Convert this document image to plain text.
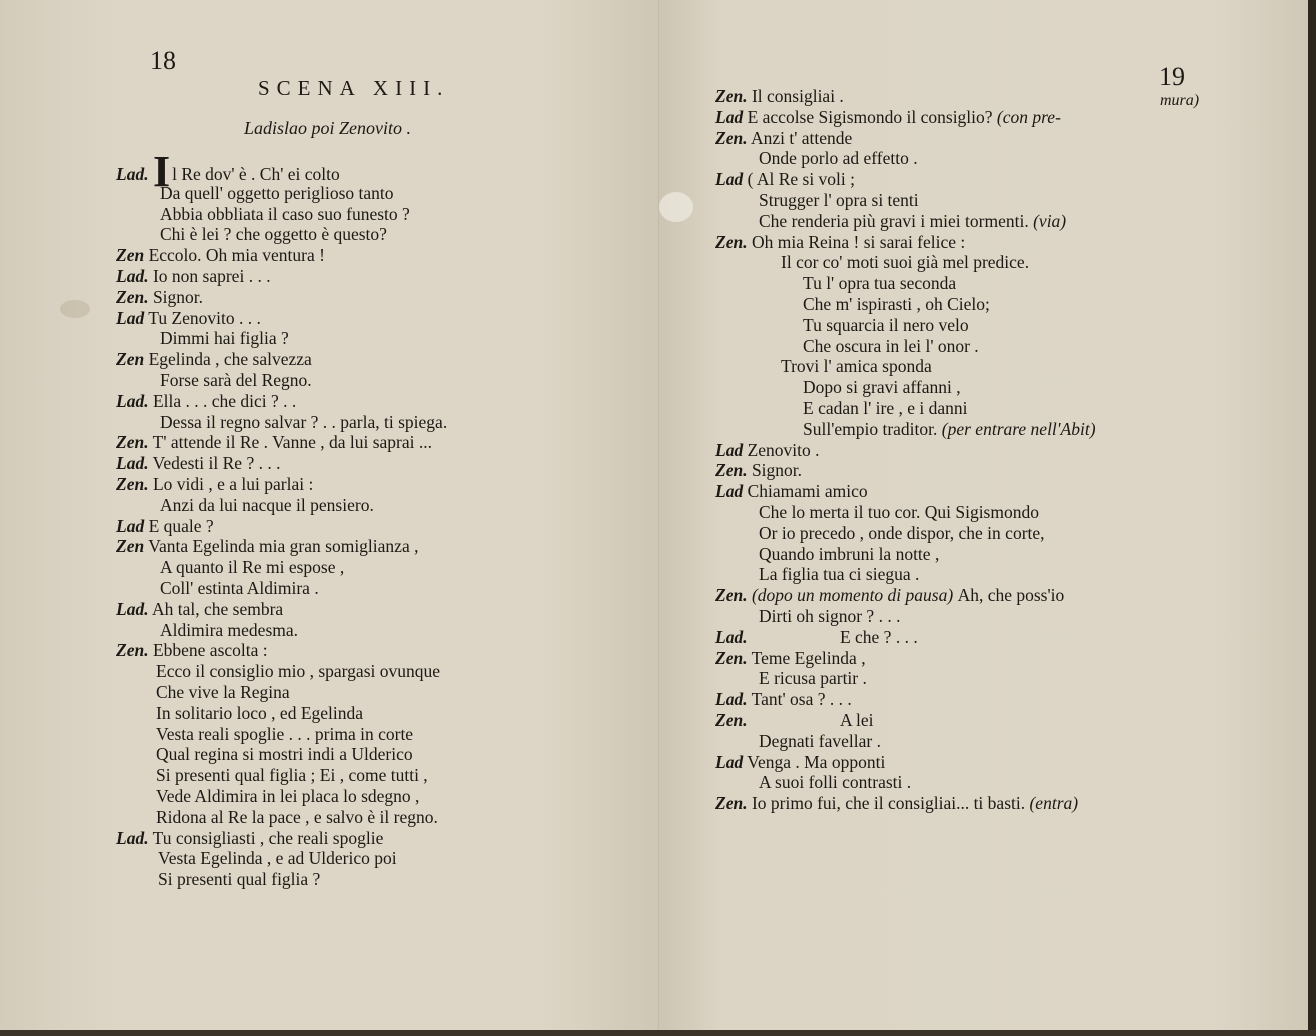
18
SCENA XIII.
Ladislao poi Zenovito .
Lad. I l Re dov' è . Ch' ei colto
Da quell' oggetto periglioso tanto
Abbia obbliata il caso suo funesto ?
Chi è lei ? che oggetto è questo?
Zen Eccolo. Oh mia ventura !
Lad. Io non saprei . . .
Zen. Signor.
Lad Tu Zenovito . . .
Dimmi hai figlia ?
Zen Egelinda , che salvezza
Forse sarà del Regno.
Lad. Ella . . . che dici ? . .
Dessa il regno salvar ? . . parla, ti spiega.
Zen. T' attende il Re . Vanne , da lui saprai ...
Lad. Vedesti il Re ? . . .
Zen. Lo vidi , e a lui parlai :
Anzi da lui nacque il pensiero.
Lad E quale ?
Zen Vanta Egelinda mia gran somiglianza ,
A quanto il Re mi espose ,
Coll' estinta Aldimira .
Lad. Ah tal, che sembra
Aldimira medesma.
Zen. Ebbene ascolta :
Ecco il consiglio mio , spargasi ovunque
Che vive la Regina
In solitario loco , ed Egelinda
Vesta reali spoglie . . . prima in corte
Qual regina si mostri indi a Ulderico
Si presenti qual figlia ; Ei , come tutti ,
Vede Aldimira in lei placa lo sdegno ,
Ridona al Re la pace , e salvo è il regno.
Lad. Tu consigliasti , che reali spoglie
Vesta Egelinda , e ad Ulderico poi
Si presenti qual figlia ?
19
Zen. Il consigliai .
Lad E accolse Sigismondo il consiglio? (con pre-
Zen. Anzi t' attende
Onde porlo ad effetto .
Lad ( Al Re si voli ;
Strugger l' opra si tenti
Che renderia più gravi i miei tormenti. (via)
Zen. Oh mia Reina ! si sarai felice :
Il cor co' moti suoi già mel predice.
Tu l' opra tua seconda
Che m' ispirasti , oh Cielo;
Tu squarcia il nero velo
Che oscura in lei l' onor .
Trovi l' amica sponda
Dopo si gravi affanni ,
E cadan l' ire , e i danni
Sull'empio traditor. (per entrare nell'Abit)
Lad Zenovito .
Zen. Signor.
Lad Chiamami amico
Che lo merta il tuo cor. Qui Sigismondo
Or io precedo , onde dispor, che in corte,
Quando imbruni la notte ,
La figlia tua ci siegua .
Zen. (dopo un momento di pausa) Ah, che poss'io
Dirti oh signor ? . . .
Lad.	E che ? . . .
Zen. Teme Egelinda ,
E ricusa partir .
Lad. Tant' osa ? . . .
Zen.	A lei
Degnati favellar .
Lad Venga . Ma opponti
A suoi folli contrasti .
Zen. Io primo fui, che il consigliai... ti basti. (entra)
mura)
